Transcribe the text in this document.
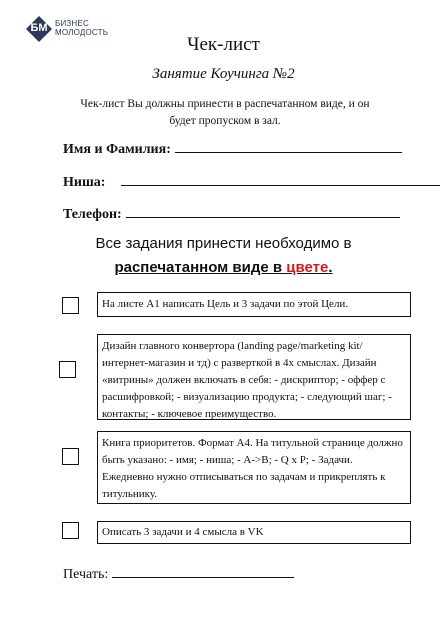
БМ БИЗНЕС
МОЛОДОСТЬ
Чек-лист
Занятие Коучинга №2
Чек-лист Вы должны принести в распечатанном виде, и он будет пропуском в зал.
Имя и Фамилия:
Ниша:
Телефон:
Все задания принести необходимо в
распечатанном виде в цвете.
На листе А1 написать Цель и 3 задачи по этой Цели.
Дизайн главного конвертора (landing page/marketing kit/интернет-магазин и тд) с разверткой в 4х смыслах. Дизайн «витрины» должен включать в себя: - дискриптор; - оффер с расшифровкой; - визуализацию продукта; - следующий шаг; - контакты; - ключевое преимущество.
Книга приоритетов. Формат А4. На титульной странице должно быть указано: - имя; - ниша; - А->В; - Q x P; - Задачи. Ежедневно нужно отписываться по задачам и прикреплять к титульнику.
Описать 3 задачи и 4 смысла в VK
Печать:
